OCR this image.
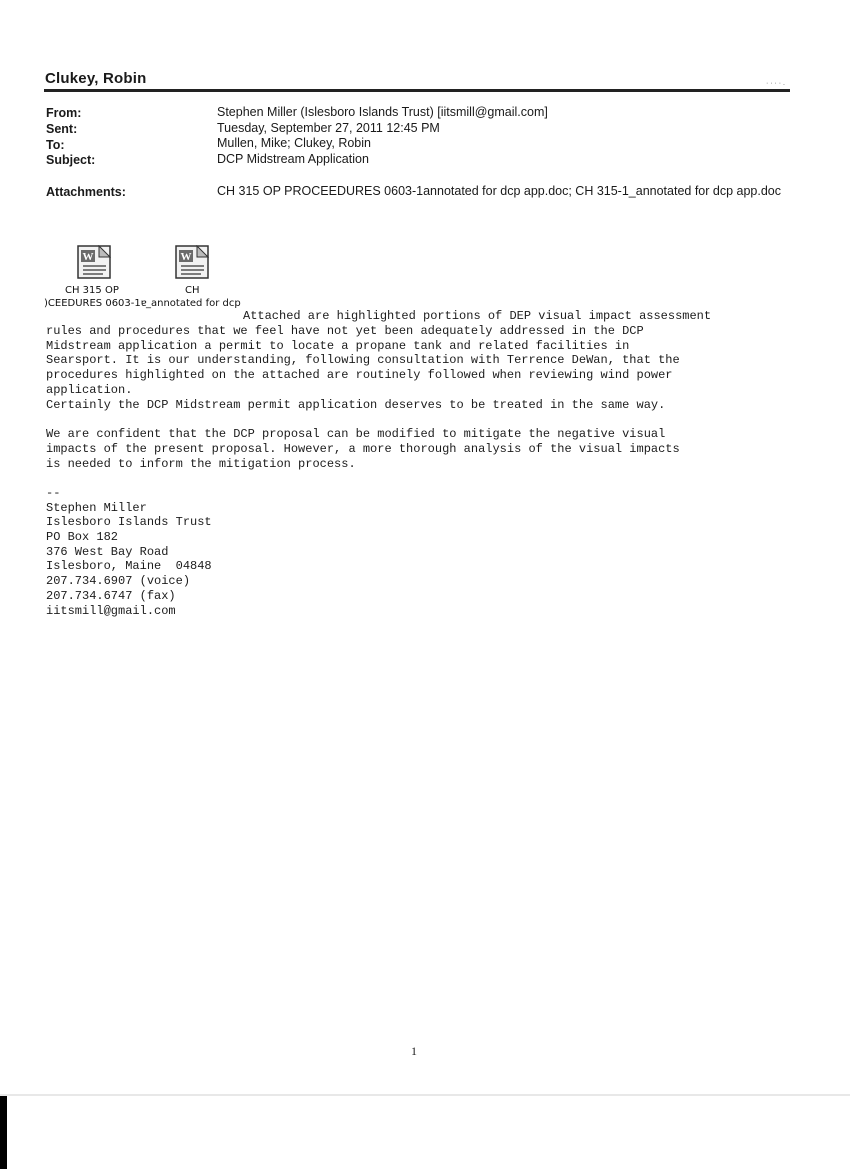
Clukey, Robin	· · · · .
From:	Stephen Miller (Islesboro Islands Trust) [iitsmill@gmail.com]
Sent:	Tuesday, September 27, 2011 12:45 PM
To:	Mullen, Mike; Clukey, Robin
Subject:	DCP Midstream Application
Attachments:	CH 315 OP PROCEEDURES 0603-1annotated for dcp app.doc; CH 315-1_annotated for dcp app.doc
W	W
CH 315 OP	CH
)CEEDURES 0603-1ɐ _annotated for dcp
Attached are highlighted portions of DEP visual impact assessment
rules and procedures that we feel have not yet been adequately addressed in the DCP
Midstream application a permit to locate a propane tank and related facilities in
Searsport. It is our understanding, following consultation with Terrence DeWan, that the
procedures highlighted on the attached are routinely followed when reviewing wind power
application.
Certainly the DCP Midstream permit application deserves to be treated in the same way.
We are confident that the DCP proposal can be modified to mitigate the negative visual
impacts of the present proposal. However, a more thorough analysis of the visual impacts
is needed to inform the mitigation process.
--
Stephen Miller
Islesboro Islands Trust
PO Box 182
376 West Bay Road
Islesboro, Maine  04848
207.734.6907 (voice)
207.734.6747 (fax)
iitsmill@gmail.com
1
